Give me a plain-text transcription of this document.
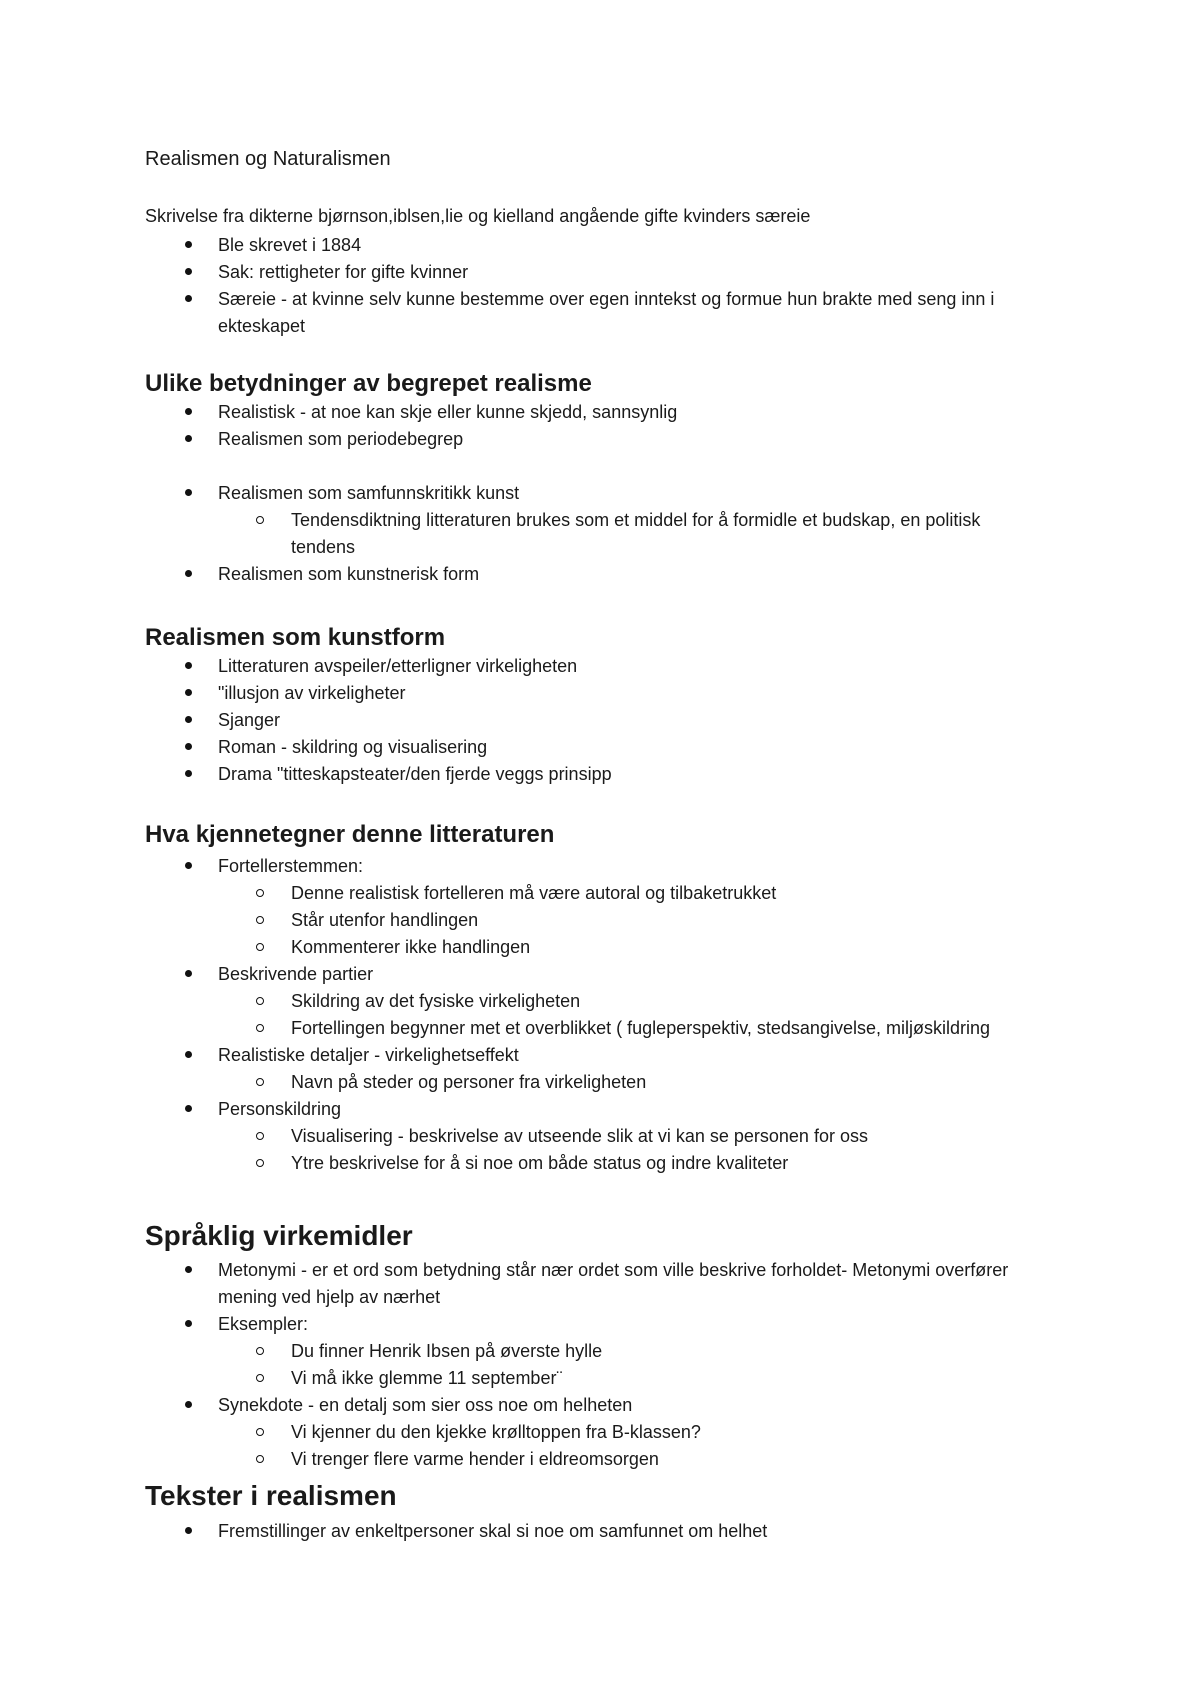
Realismen og Naturalismen

Skrivelse fra dikterne bjørnson,iblsen,lie og kielland angående gifte kvinders særeie

Ble skrevet i 1884
Sak: rettigheter for gifte kvinner
Særeie - at kvinne selv kunne bestemme over egen inntekst og formue hun brakte med seng inn i ekteskapet
Ulike betydninger av begrepet realisme
Realistisk - at noe kan skje eller kunne skjedd, sannsynlig
Realismen som periodebegrep
Realismen som samfunnskritikk kunst
Tendensdiktning litteraturen brukes som et middel for å formidle et budskap, en politisk tendens
Realismen som kunstnerisk form
Realismen som kunstform
Litteraturen avspeiler/etterligner virkeligheten
"illusjon av virkeligheter
Sjanger
Roman - skildring og visualisering
Drama "titteskapsteater/den fjerde veggs prinsipp
Hva kjennetegner denne litteraturen
Fortellerstemmen:
Denne realistisk fortelleren må være autoral og tilbaketrukket
Står utenfor handlingen
Kommenterer ikke handlingen
Beskrivende partier
Skildring av det fysiske virkeligheten
Fortellingen begynner met et overblikket ( fugleperspektiv, stedsangivelse, miljøskildring
Realistiske detaljer - virkelighetseffekt
Navn på steder og personer fra virkeligheten
Personskildring
Visualisering - beskrivelse av utseende slik at vi kan se personen for oss
Ytre beskrivelse for å si noe om både status og indre kvaliteter
Språklig virkemidler
Metonymi - er et ord som betydning står nær ordet som ville beskrive forholdet- Metonymi overfører mening ved hjelp av nærhet
Eksempler:
Du finner Henrik Ibsen på øverste hylle
Vi må ikke glemme 11 september¨
Synekdote - en detalj som sier oss noe om helheten
Vi kjenner du den kjekke krølltoppen fra B-klassen?
Vi trenger flere varme hender i eldreomsorgen
Tekster i realismen
Fremstillinger av enkeltpersoner skal si noe om samfunnet om helhet
